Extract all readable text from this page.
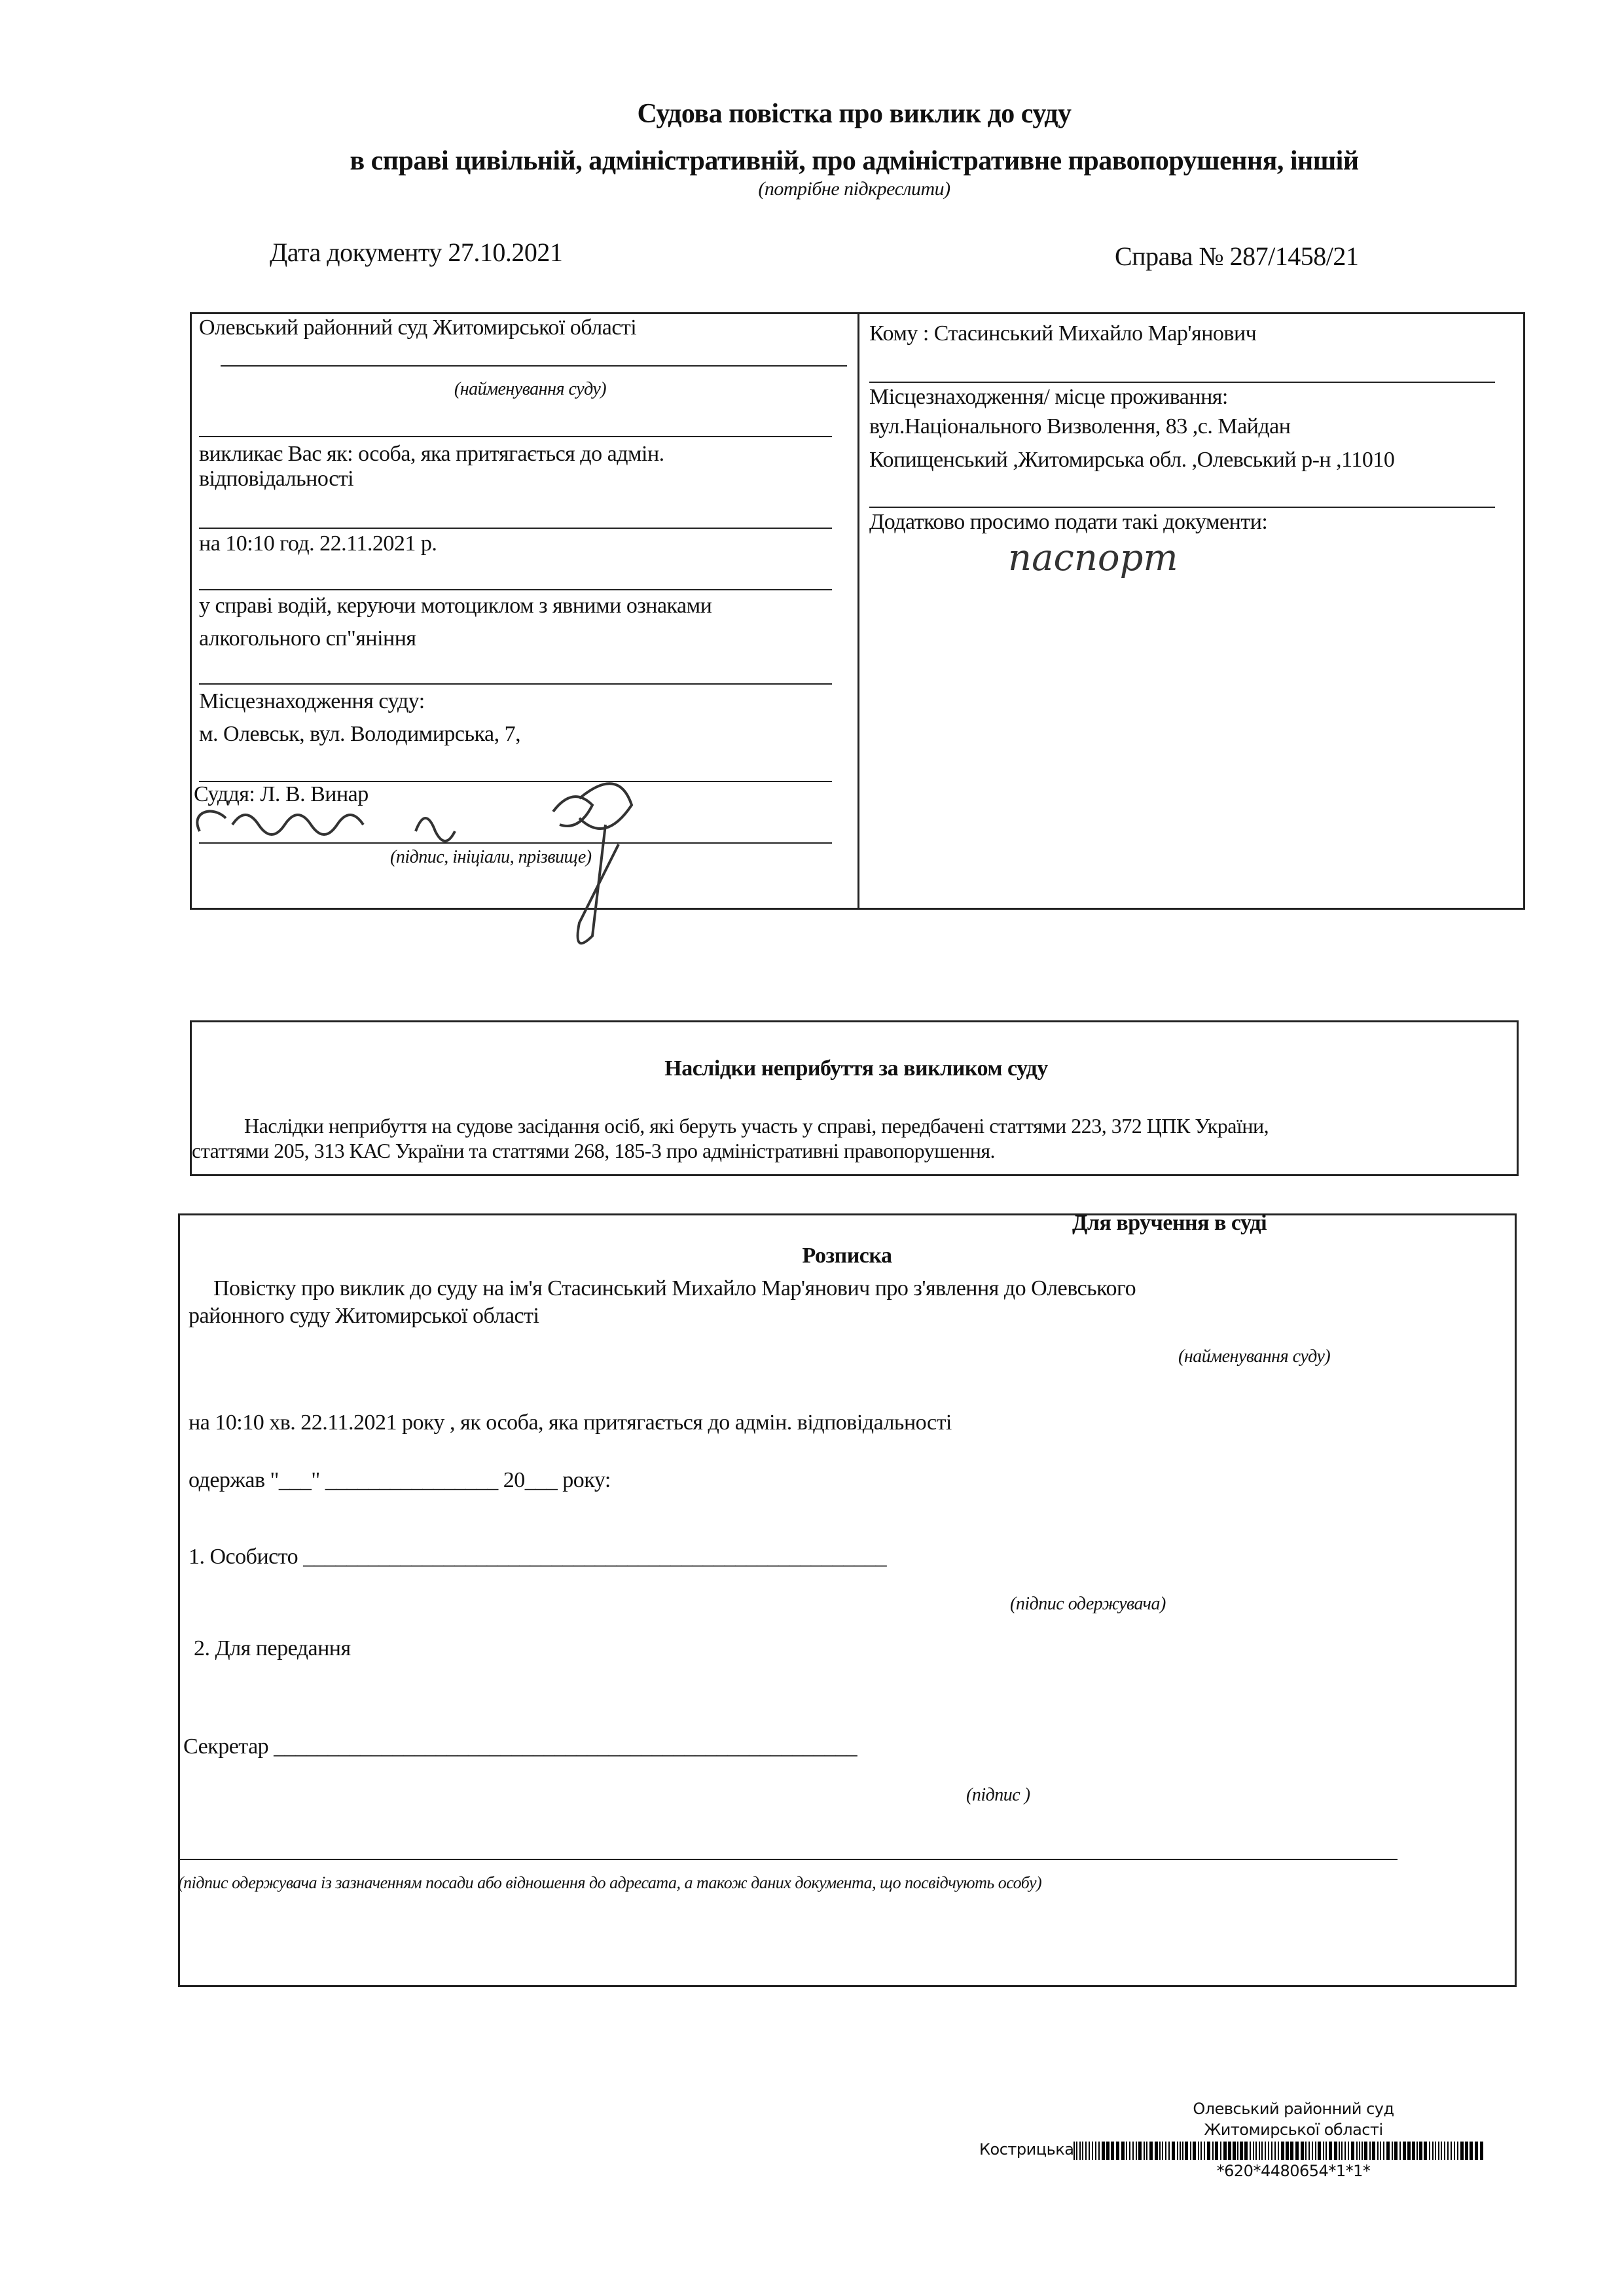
Судова повістка про виклик до суду
в справі цивільній, адміністративній, про адміністративне правопорушення, іншій
(потрібне підкреслити)
Дата документу 27.10.2021	Справа № 287/1458/21
Олевський районний суд Житомирської області
(найменування суду)
викликає Вас як: особа, яка притягається до адмін.
відповідальності
на 10:10 год. 22.11.2021 р.
у справі водій, керуючи мотоциклом з явними ознаками
алкогольного сп"яніння
Місцезнаходження суду:
м. Олевськ, вул. Володимирська, 7,
Суддя: Л. В. Винар
(підпис, ініціали, прізвище)
Кому : Стасинський Михайло Мар'янович
Місцезнаходження/ місце проживання:
вул.Національного Визволення, 83 ,с. Майдан
Копищенський ,Житомирська обл. ,Олевський р-н ,11010
Додатково просимо подати такі документи:
паспорт
Наслідки неприбуття за викликом суду
Наслідки неприбуття на судове засідання осіб, які беруть участь у справі, передбачені статтями 223, 372 ЦПК України,
статтями 205, 313 КАС України та статтями 268, 185-3 про адміністративні правопорушення.
Для вручення в суді
Розписка
Повістку про виклик до суду на ім'я Стасинський Михайло Мар'янович про з'явлення до Олевського
районного суду Житомирської області
(найменування суду)
на 10:10 хв. 22.11.2021 року , як особа, яка притягається до адмін. відповідальності
одержав "___" ________________ 20___ року:
1. Особисто ______________________________________________________
(підпис одержувача)
2. Для передання
Секретар ______________________________________________________
(підпис )
(підпис одержувача із зазначенням посади або відношення до адресата, а також даних документа, що посвідчують особу)
Олевський районний суд
Житомирської області
Кострицька
*620*4480654*1*1*
